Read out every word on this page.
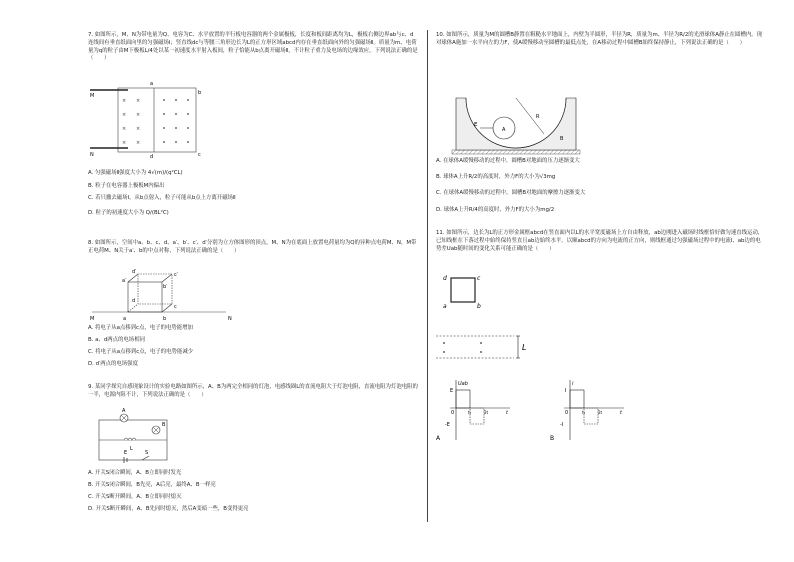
7. 如图所示，M、N为带电量为Q、电容为C、水平放置的平行板电容器的两个金属极板，长度和板间距离均为L，极板右侧边界ab与c、d连线间有垂直纸面向里的匀强磁场Ⅰ；竖直线dc与等腰三角形边长为L的正方形区域abcd内存在垂直纸面向外的匀强磁场Ⅱ。质量为m、电荷量为q的粒子由M下极板L/4处以某一初速度水平射入板间，粒子恰能从b点离开磁场Ⅱ，不计粒子重力及电场的边缘效应，下列说法正确的是（　　）

× ×
× ×
× ×
× ×
M
N
a
b
c
d
A. 匀强磁场Ⅱ强度大小为 4√(m)/(q²CL)
B. 粒子在电容器上极板M内偏出
C. 若只撤去磁场Ⅰ，从b点射入，粒子可能从b点上方离开磁场Ⅱ
D. 粒子的初速度大小为 Q/(BL²C)

8. 如图所示，空间中a、b、c、d、a′、b′、c′、d′分别为立方体图形的顶点，M、N为在底面上放置电荷量均为Q的异种点电荷M、N，M带正电荷M、N关于a′、b的中点对称，下列说法正确的是（　　）

M	N
a	b
c
d
a′
b′
c′
d′
A. 将电子从a点移到c点，电子的电势能增加
B. a、d两点的电场相同
C. 将电子从a点移到c点，电子的电势能减少
D. d′两点的电场强度

9. 某同学探究自感现象设计的实验电路如图所示，A、B为两完全相同的灯泡，电感线圈L的直流电阻大于灯泡电阻，直流电阻为灯泡电阻的一半，电源内阻不计，下列说法正确的是（　　）

A
B
L
E	S
A. 开关S闭合瞬间，A、B立即同时发光
B. 开关S闭合瞬间，B先亮，A后亮，最终A、B一样亮
C. 开关S断开瞬间，A、B立即同时熄灭
D. 开关S断开瞬间，A、B先同时熄灭，然后A变暗一些，B变得更亮

10. 如图所示，质量为M的圆槽B静置在粗糙水平地面上，内壁为半圆形，半径为R，质量为m、半径为R/2的光滑球体A静止在圆槽内。现对球体A施加一水平向左的力F，使A缓慢移动至圆槽的最低点处，在A移动过程中圆槽B始终保持静止，下列说法正确的是（　　）

E
A
B
R
A. 在球体A缓慢移动的过程中，圆槽B对地面的压力逐渐变大
B. 球体A上升R/2的高度时，外力F的大小为√3mg
C. 在球体A缓慢移动的过程中，圆槽B对地面的摩擦力逐渐变大
D. 球体A上升R/4的高度时，外力F的大小为mg/2

11. 如图所示，边长为L的正方形金属框abcd在竖直面内以L的水平宽度磁场上方自由释放，ab边刚进入磁场时线框恰好做匀速直线运动，已知线框在下落过程中始终保持竖直且ab边始终水平。以顺abcd的方向为电流的正方向，则线框通过匀强磁场过程中的电流I、ab边的电势差Uab随时间的变化关系可能正确的是（　　）

d	c
a	b
L
Uab
E
-E
0	t₁	2t	t
A
i
I
-I
0	t₁	2t	t
B
